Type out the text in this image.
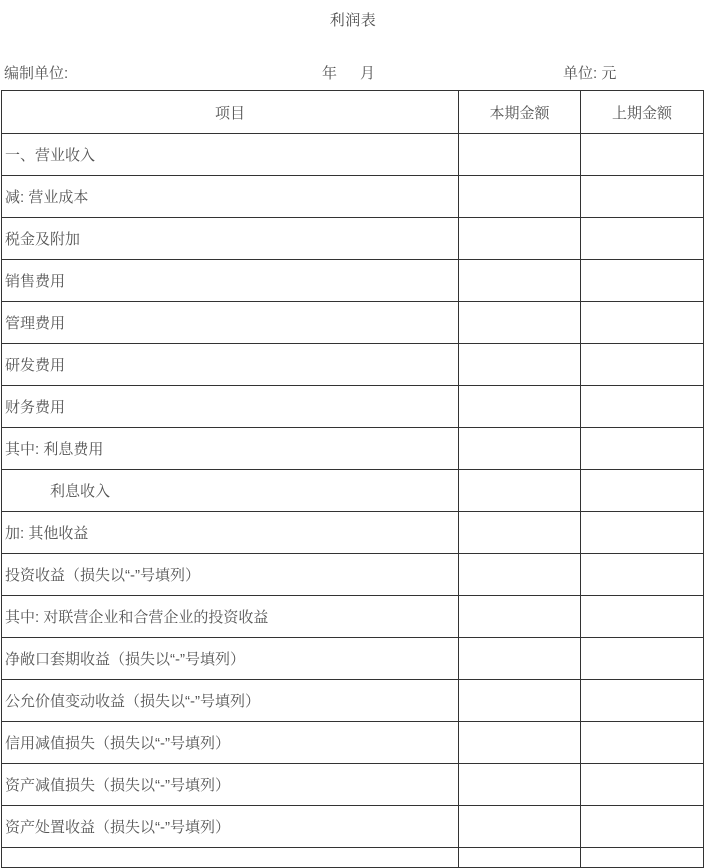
利润表
编制单位:	年 月	单位: 元
项目	本期金额	上期金额
一、营业收入		
减: 营业成本		
税金及附加		
销售费用		
管理费用		
研发费用		
财务费用		
其中: 利息费用		
利息收入		
加: 其他收益		
投资收益（损失以“-”号填列）		
其中: 对联营企业和合营企业的投资收益		
净敞口套期收益（损失以“-”号填列）		
公允价值变动收益（损失以“-”号填列）		
信用减值损失（损失以“-”号填列）		
资产减值损失（损失以“-”号填列）		
资产处置收益（损失以“-”号填列）		
